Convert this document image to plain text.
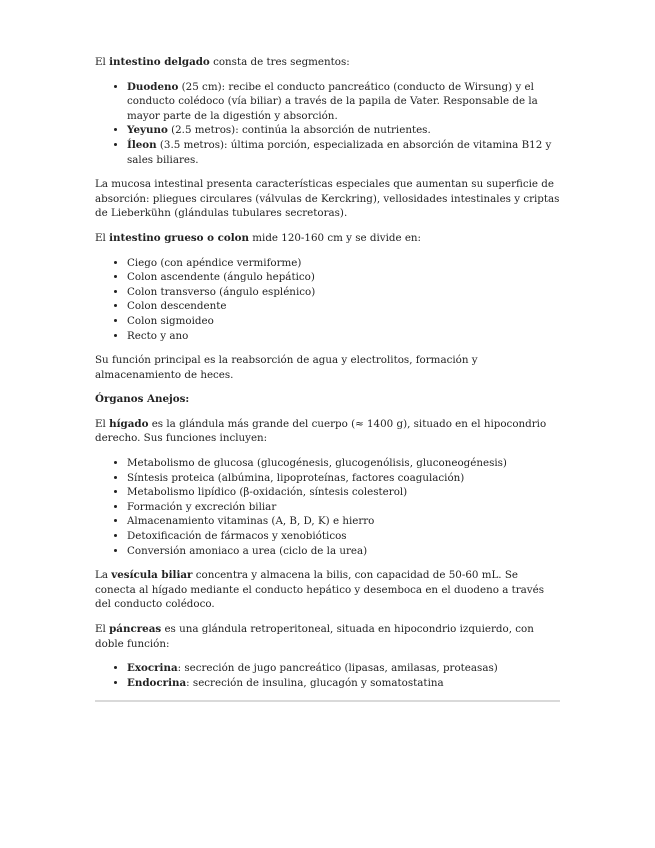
El intestino delgado consta de tres segmentos:

• Duodeno (25 cm): recibe el conducto pancreático (conducto de Wirsung) y el conducto colédoco (vía biliar) a través de la papila de Vater. Responsable de la mayor parte de la digestión y absorción.
• Yeyuno (2.5 metros): continúa la absorción de nutrientes.
• Íleon (3.5 metros): última porción, especializada en absorción de vitamina B12 y sales biliares.

La mucosa intestinal presenta características especiales que aumentan su superficie de absorción: pliegues circulares (válvulas de Kerckring), vellosidades intestinales y criptas de Lieberkühn (glándulas tubulares secretoras).

El intestino grueso o colon mide 120-160 cm y se divide en:

• Ciego (con apéndice vermiforme)
• Colon ascendente (ángulo hepático)
• Colon transverso (ángulo esplénico)
• Colon descendente
• Colon sigmoideo
• Recto y ano

Su función principal es la reabsorción de agua y electrolitos, formación y almacenamiento de heces.

Órganos Anejos:

El hígado es la glándula más grande del cuerpo (≈ 1400 g), situado en el hipocondrio derecho. Sus funciones incluyen:

• Metabolismo de glucosa (glucogénesis, glucogenólisis, gluconeogénesis)
• Síntesis proteica (albúmina, lipoproteínas, factores coagulación)
• Metabolismo lipídico (β-oxidación, síntesis colesterol)
• Formación y excreción biliar
• Almacenamiento vitaminas (A, B, D, K) e hierro
• Detoxificación de fármacos y xenobióticos
• Conversión amoniaco a urea (ciclo de la urea)

La vesícula biliar concentra y almacena la bilis, con capacidad de 50-60 mL. Se conecta al hígado mediante el conducto hepático y desemboca en el duodeno a través del conducto colédoco.

El páncreas es una glándula retroperitoneal, situada en hipocondrio izquierdo, con doble función:

• Exocrina: secreción de jugo pancreático (lipasas, amilasas, proteasas)
• Endocrina: secreción de insulina, glucagón y somatostatina
